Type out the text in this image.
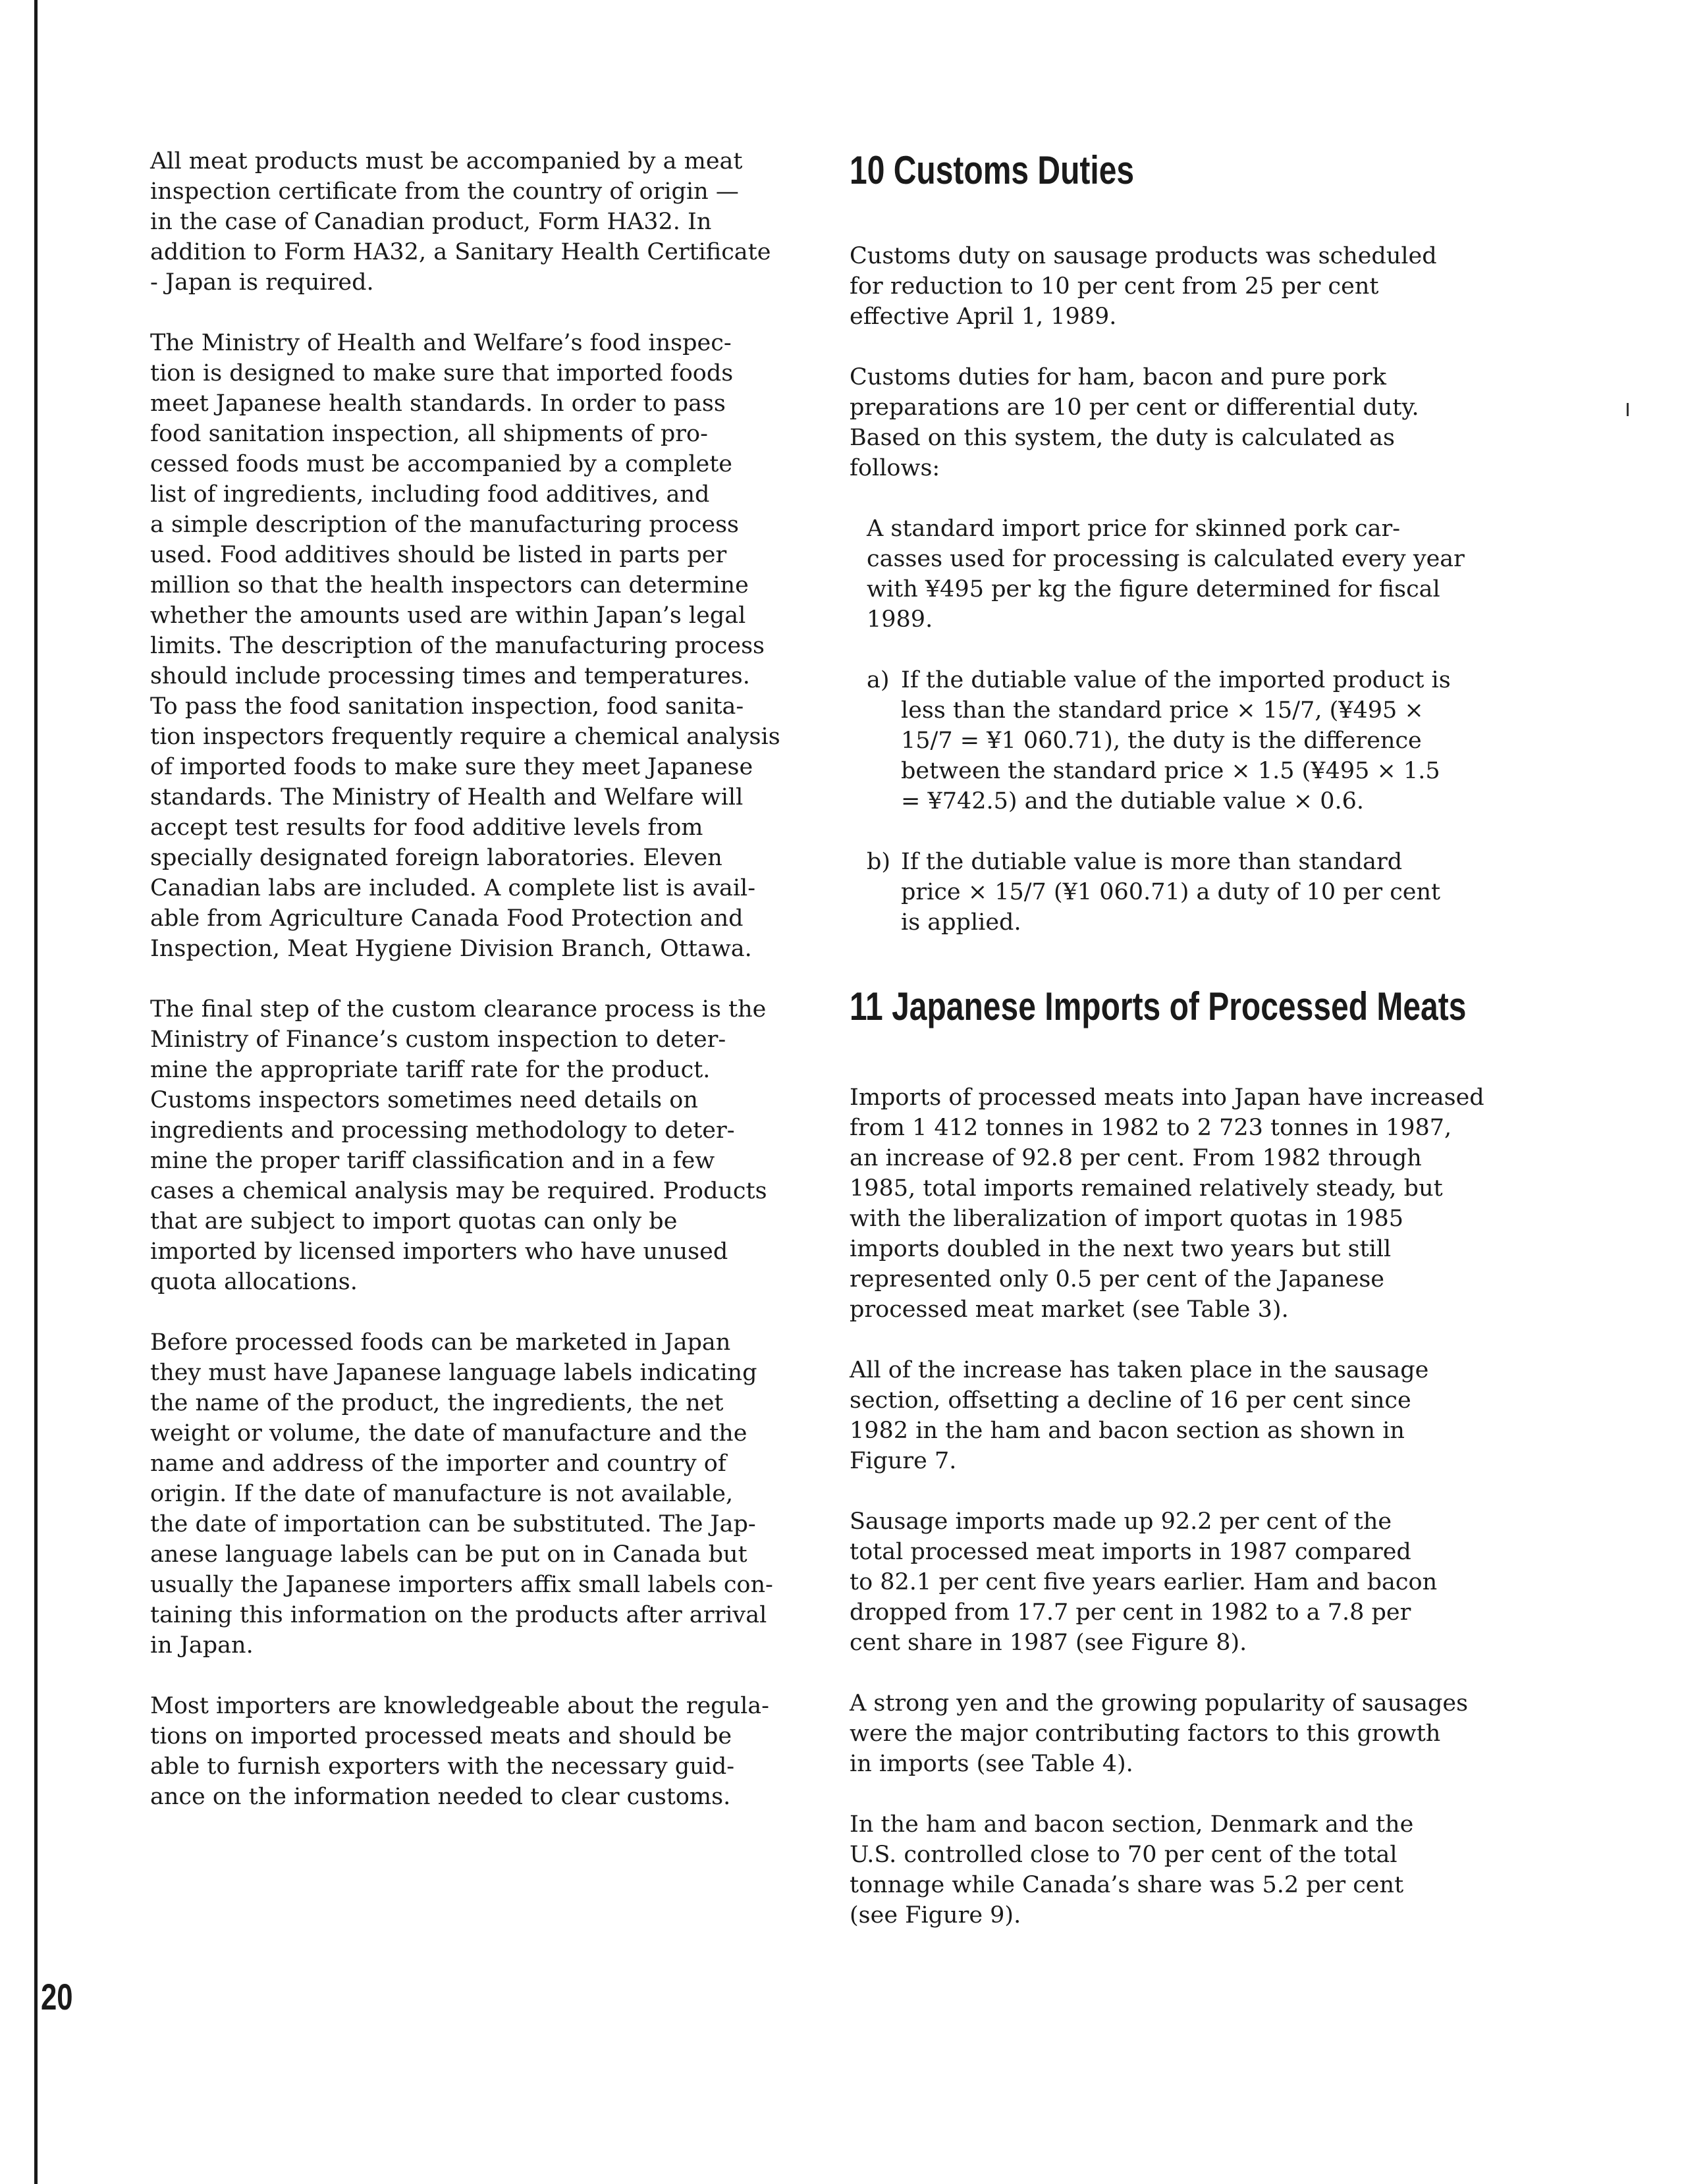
All meat products must be accompanied by a meat
inspection certificate from the country of origin —
in the case of Canadian product, Form HA32. In
addition to Form HA32, a Sanitary Health Certificate
- Japan is required.

The Ministry of Health and Welfare’s food inspec-
tion is designed to make sure that imported foods
meet Japanese health standards. In order to pass
food sanitation inspection, all shipments of pro-
cessed foods must be accompanied by a complete
list of ingredients, including food additives, and
a simple description of the manufacturing process
used. Food additives should be listed in parts per
million so that the health inspectors can determine
whether the amounts used are within Japan’s legal
limits. The description of the manufacturing process
should include processing times and temperatures.
To pass the food sanitation inspection, food sanita-
tion inspectors frequently require a chemical analysis
of imported foods to make sure they meet Japanese
standards. The Ministry of Health and Welfare will
accept test results for food additive levels from
specially designated foreign laboratories. Eleven
Canadian labs are included. A complete list is avail-
able from Agriculture Canada Food Protection and
Inspection, Meat Hygiene Division Branch, Ottawa.

The final step of the custom clearance process is the
Ministry of Finance’s custom inspection to deter-
mine the appropriate tariff rate for the product.
Customs inspectors sometimes need details on
ingredients and processing methodology to deter-
mine the proper tariff classification and in a few
cases a chemical analysis may be required. Products
that are subject to import quotas can only be
imported by licensed importers who have unused
quota allocations.

Before processed foods can be marketed in Japan
they must have Japanese language labels indicating
the name of the product, the ingredients, the net
weight or volume, the date of manufacture and the
name and address of the importer and country of
origin. If the date of manufacture is not available,
the date of importation can be substituted. The Jap-
anese language labels can be put on in Canada but
usually the Japanese importers affix small labels con-
taining this information on the products after arrival
in Japan.

Most importers are knowledgeable about the regula-
tions on imported processed meats and should be
able to furnish exporters with the necessary guid-
ance on the information needed to clear customs.

10 Customs Duties

Customs duty on sausage products was scheduled
for reduction to 10 per cent from 25 per cent
effective April 1, 1989.

Customs duties for ham, bacon and pure pork
preparations are 10 per cent or differential duty.
Based on this system, the duty is calculated as
follows:

A standard import price for skinned pork car-
casses used for processing is calculated every year
with ¥495 per kg the figure determined for fiscal
1989.

a) If the dutiable value of the imported product is
less than the standard price × 15/7, (¥495 ×
15/7 = ¥1 060.71), the duty is the difference
between the standard price × 1.5 (¥495 × 1.5
= ¥742.5) and the dutiable value × 0.6.

b) If the dutiable value is more than standard
price × 15/7 (¥1 060.71) a duty of 10 per cent
is applied.

11 Japanese Imports of Processed Meats

Imports of processed meats into Japan have increased
from 1 412 tonnes in 1982 to 2 723 tonnes in 1987,
an increase of 92.8 per cent. From 1982 through
1985, total imports remained relatively steady, but
with the liberalization of import quotas in 1985
imports doubled in the next two years but still
represented only 0.5 per cent of the Japanese
processed meat market (see Table 3).

All of the increase has taken place in the sausage
section, offsetting a decline of 16 per cent since
1982 in the ham and bacon section as shown in
Figure 7.

Sausage imports made up 92.2 per cent of the
total processed meat imports in 1987 compared
to 82.1 per cent five years earlier. Ham and bacon
dropped from 17.7 per cent in 1982 to a 7.8 per
cent share in 1987 (see Figure 8).

A strong yen and the growing popularity of sausages
were the major contributing factors to this growth
in imports (see Table 4).

In the ham and bacon section, Denmark and the
U.S. controlled close to 70 per cent of the total
tonnage while Canada’s share was 5.2 per cent
(see Figure 9).

20
